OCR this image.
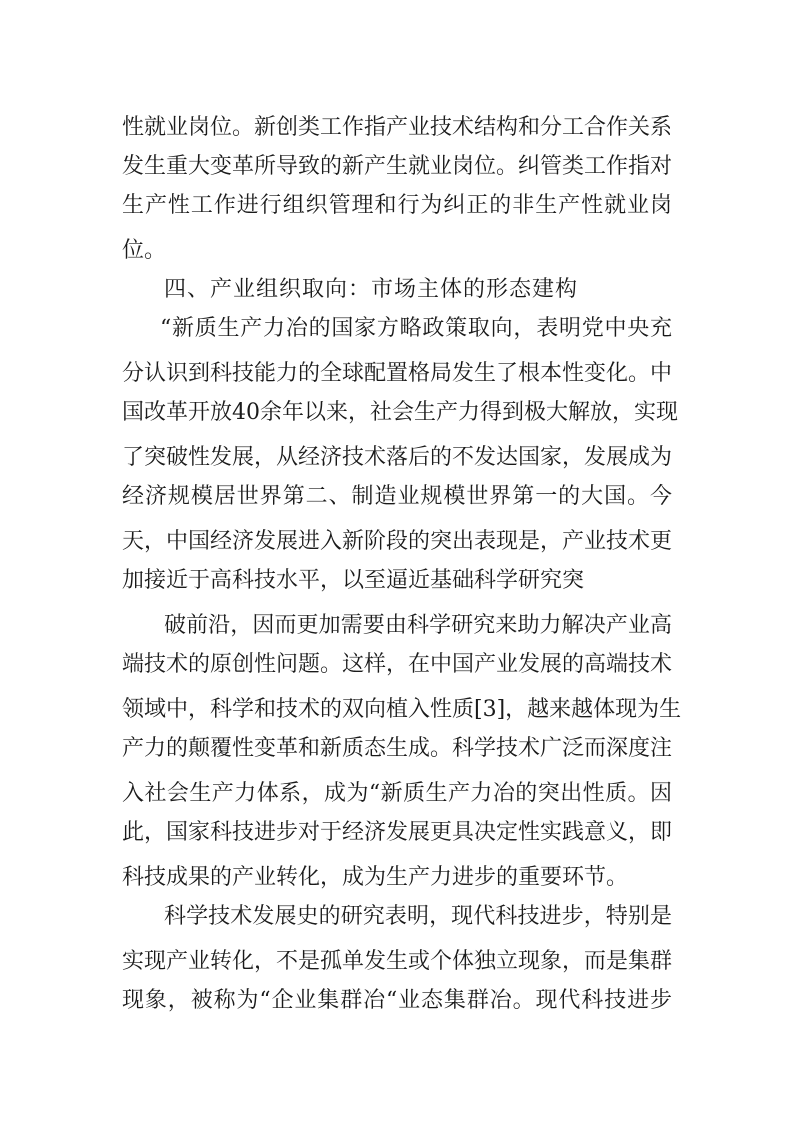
性就业岗位。新创类工作指产业技术结构和分工合作关系
发生重大变革所导致的新产生就业岗位。纠管类工作指对
生产性工作进行组织管理和行为纠正的非生产性就业岗
位。
四、产业组织取向：市场主体的形态建构
“新质生产力冶的国家方略政策取向，表明党中央充
分认识到科技能力的全球配置格局发生了根本性变化。中
国改革开放40余年以来，社会生产力得到极大解放，实现
了突破性发展，从经济技术落后的不发达国家，发展成为
经济规模居世界第二、制造业规模世界第一的大国。今
天，中国经济发展进入新阶段的突出表现是，产业技术更
加接近于高科技水平，以至逼近基础科学研究突
破前沿，因而更加需要由科学研究来助力解决产业高
端技术的原创性问题。这样，在中国产业发展的高端技术
领域中，科学和技术的双向植入性质[3]，越来越体现为生
产力的颠覆性变革和新质态生成。科学技术广泛而深度注
入社会生产力体系，成为“新质生产力冶的突出性质。因
此，国家科技进步对于经济发展更具决定性实践意义，即
科技成果的产业转化，成为生产力进步的重要环节。
科学技术发展史的研究表明，现代科技进步，特别是
实现产业转化，不是孤单发生或个体独立现象，而是集群
现象，被称为“企业集群冶“业态集群冶。现代科技进步
